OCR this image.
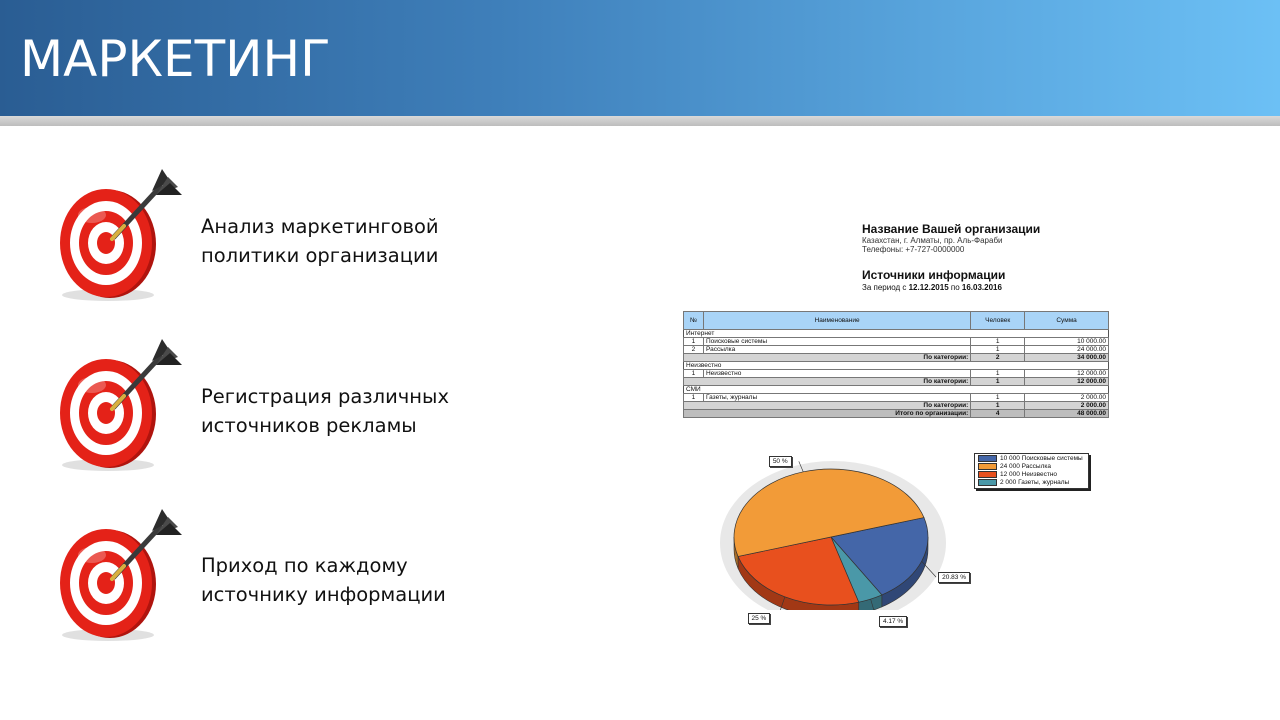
МАРКЕТИНГ
Анализ маркетинговой
политики организации
Регистрация различных
источников рекламы
Приход по каждому
источнику информации
Название Вашей организации
Казахстан, г. Алматы, пр. Аль-Фараби
Телефоны: +7-727-0000000
Источники информации
За период с 12.12.2015 по 16.03.2016
№	Наименование	Человек	Сумма
Интернет			
1	Поисковые системы	1	10 000.00
2	Рассылка	1	24 000.00
По категории:		2	34 000.00
Неизвестно			
1	Неизвестно	1	12 000.00
По категории:		1	12 000.00
СМИ			
1	Газеты, журналы	1	2 000.00
По категории:		1	2 000.00
Итого по организации:		4	48 000.00
10 000 Поисковые системы
24 000 Рассылка
12 000 Неизвестно
2 000 Газеты, журналы
20.83 %
4.17 %
25 %
50 %
